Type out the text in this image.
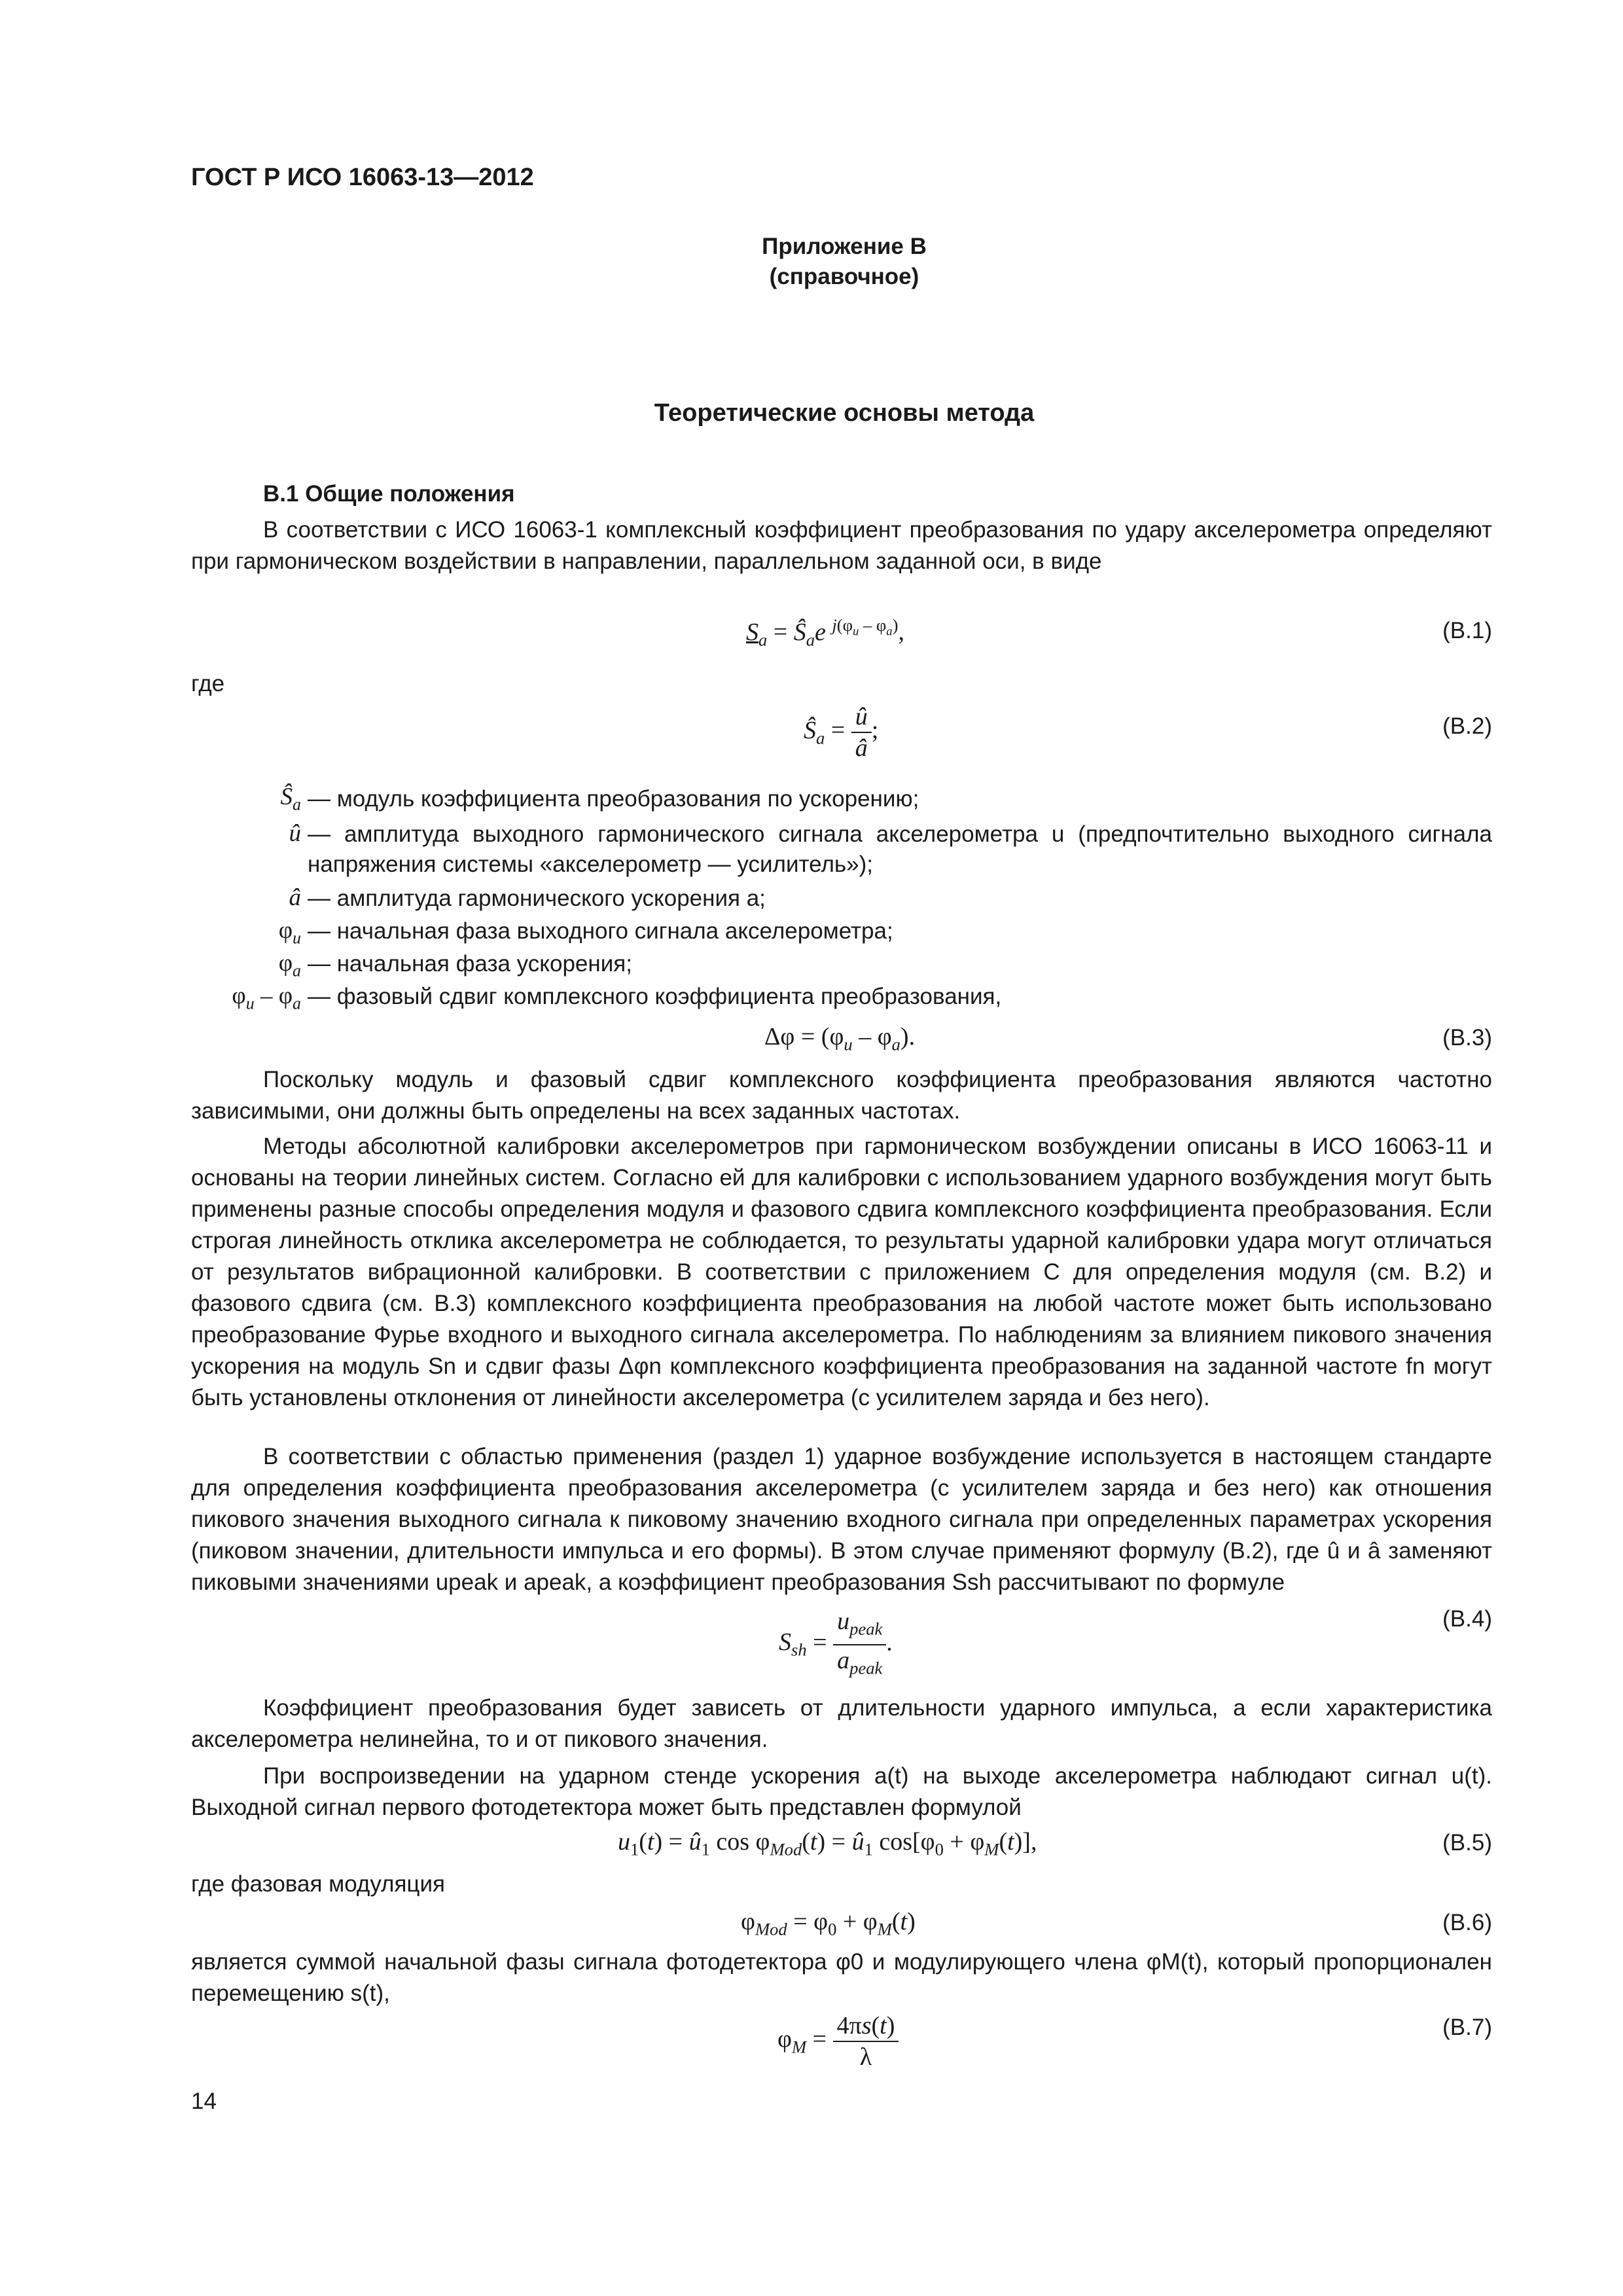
ГОСТ Р ИСО 16063-13—2012
Приложение В
(справочное)
Теоретические основы метода
В.1 Общие положения
В соответствии с ИСО 16063-1 комплексный коэффициент преобразования по удару акселерометра определяют при гармоническом воздействии в направлении, параллельном заданной оси, в виде
$S_a$ = $Ŝ_ae$ $^{j(\varphi_u - \varphi_a)}$,	(В.1)
где
$Ŝ_a = \frac{û}{â}$ ;	(В.2)
$Ŝ_a$ — модуль коэффициента преобразования по ускорению;
û — амплитуда выходного гармонического сигнала акселерометра u (предпочтительно выходного сигнала напряжения системы «акселерометр — усилитель»);
â — амплитуда гармонического ускорения a;
$\varphi_u$ — начальная фаза выходного сигнала акселерометра;
$\varphi_a$ — начальная фаза ускорения;
$\varphi_u - \varphi_a$ — фазовый сдвиг комплексного коэффициента преобразования,
$\Delta\varphi = (\varphi_u - \varphi_a)$.	(В.3)
Поскольку модуль и фазовый сдвиг комплексного коэффициента преобразования являются частотно зависимыми, они должны быть определены на всех заданных частотах.
Методы абсолютной калибровки акселерометров при гармоническом возбуждении описаны в ИСО 16063-11 и основаны на теории линейных систем. Согласно ей для калибровки с использованием ударного возбуждения могут быть применены разные способы определения модуля и фазового сдвига комплексного коэффициента преобразования. Если строгая линейность отклика акселерометра не соблюдается, то результаты ударной калибровки удара могут отличаться от результатов вибрационной калибровки. В соответствии с приложением С для определения модуля (см. В.2) и фазового сдвига (см. В.3) комплексного коэффициента преобразования на любой частоте может быть использовано преобразование Фурье входного и выходного сигнала акселерометра. По наблюдениям за влиянием пикового значения ускорения на модуль Sn и сдвиг фазы Δφn комплексного коэффициента преобразования на заданной частоте fn могут быть установлены отклонения от линейности акселерометра (с усилителем заряда и без него).
В соответствии с областью применения (раздел 1) ударное возбуждение используется в настоящем стандарте для определения коэффициента преобразования акселерометра (с усилителем заряда и без него) как отношения пикового значения выходного сигнала к пиковому значению входного сигнала при определенных параметрах ускорения (пиковом значении, длительности импульса и его формы). В этом случае применяют формулу (В.2), где û и â заменяют пиковыми значениями upeak и apeak, а коэффициент преобразования Ssh рассчитывают по формуле
$S_{sh} = \frac{u_{peak}}{a_{peak}}$ .
(В.4)
Коэффициент преобразования будет зависеть от длительности ударного импульса, а если характеристика акселерометра нелинейна, то и от пикового значения.
При воспроизведении на ударном стенде ускорения a(t) на выходе акселерометра наблюдают сигнал u(t). Выходной сигнал первого фотодетектора может быть представлен формулой
$u_1(t)$ = $û_1$ $\cos \varphi_{Mod}(t)$ = $û_1$ $\cos[\varphi_0 + \varphi_M(t)]$,	(В.5)
где фазовая модуляция
$\varphi_{Mod} = \varphi_0 + \varphi_M(t)$	(В.6)
является суммой начальной фазы сигнала фотодетектора φ0 и модулирующего члена φM(t), который пропорционален перемещению s(t),
$\varphi_M = \frac{4\pi s(t)}{\lambda}$	(В.7)
14
